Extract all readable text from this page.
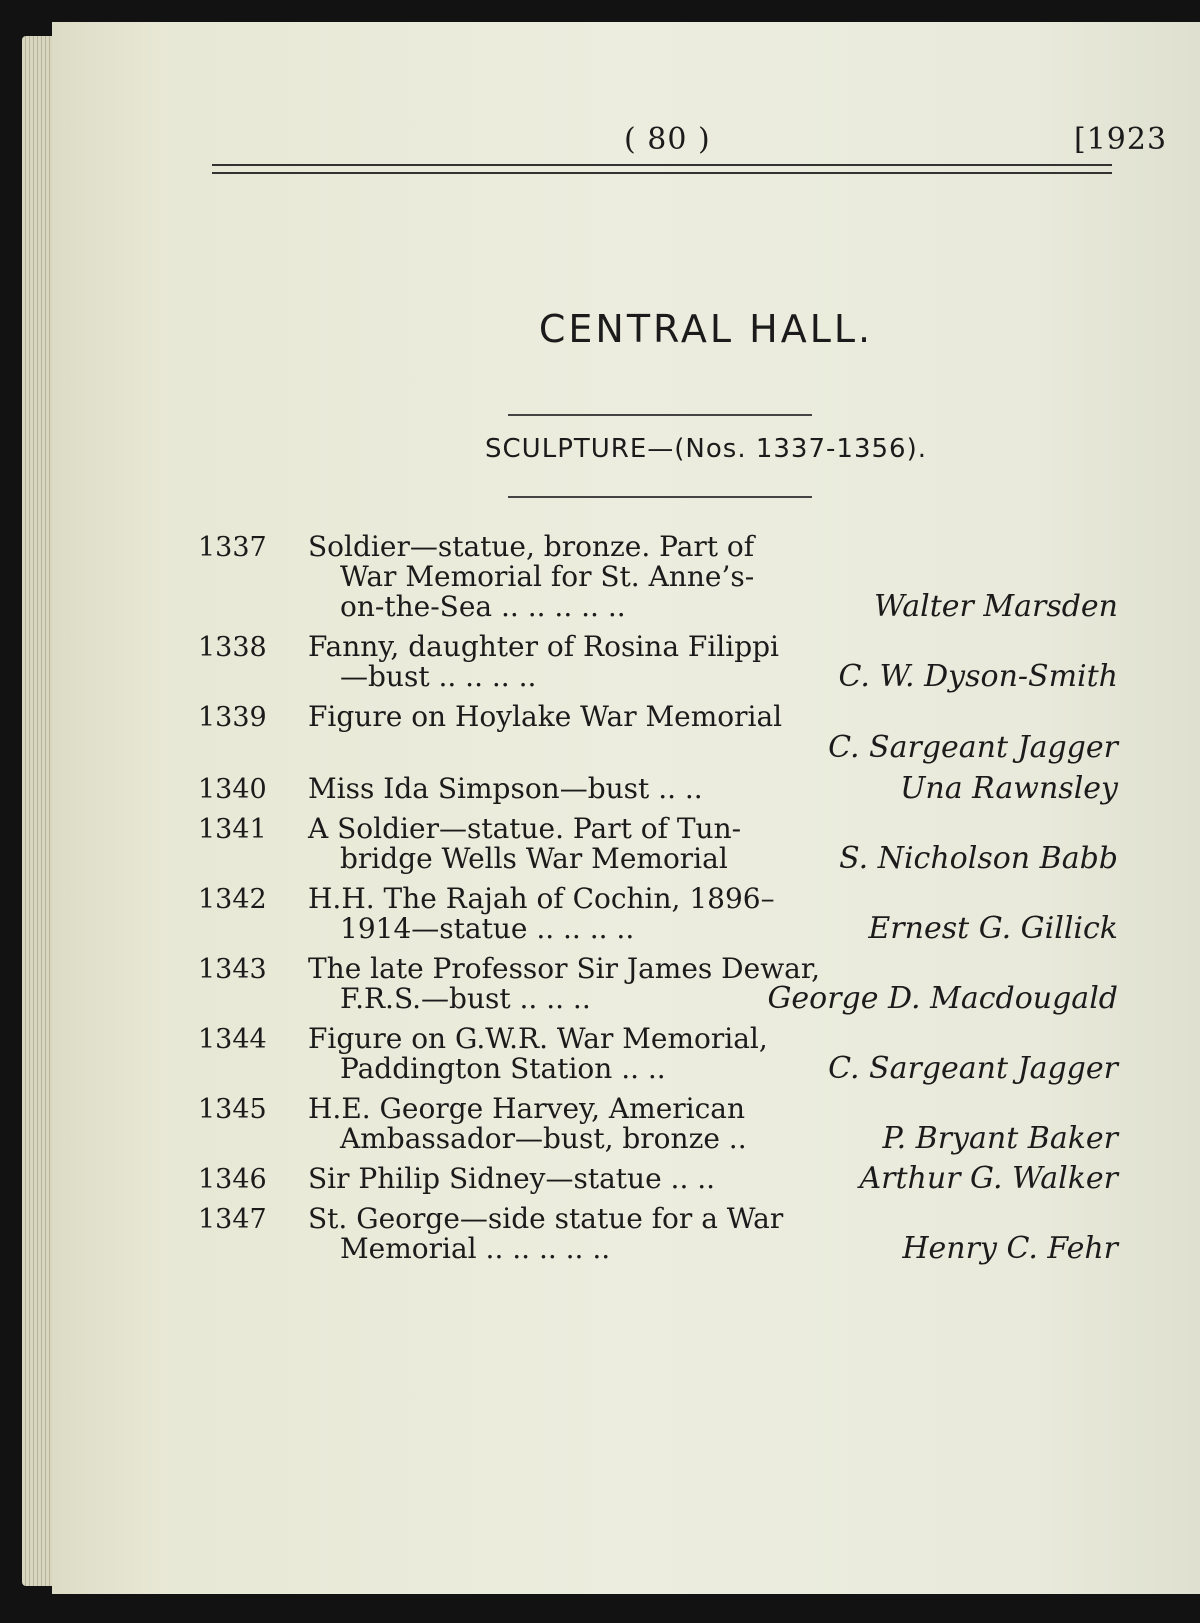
( 80 )	[1923
CENTRAL HALL.
SCULPTURE—(Nos. 1337-1356).
1337 Soldier—statue, bronze. Part of
War Memorial for St. Anne’s-
on-the-Sea .. .. .. .. ..	Walter Marsden
1338 Fanny, daughter of Rosina Filippi
—bust .. .. .. ..	C. W. Dyson-Smith
1339 Figure on Hoylake War Memorial
C. Sargeant Jagger
1340 Miss Ida Simpson—bust .. ..	Una Rawnsley
1341 A Soldier—statue. Part of Tun-
bridge Wells War Memorial	S. Nicholson Babb
1342 H.H. The Rajah of Cochin, 1896–
1914—statue .. .. .. ..	Ernest G. Gillick
1343 The late Professor Sir James Dewar,
F.R.S.—bust .. .. ..	George D. Macdougald
1344 Figure on G.W.R. War Memorial,
Paddington Station .. ..	C. Sargeant Jagger
1345 H.E. George Harvey, American
Ambassador—bust, bronze ..	P. Bryant Baker
1346 Sir Philip Sidney—statue .. ..	Arthur G. Walker
1347 St. George—side statue for a War
Memorial .. .. .. .. ..	Henry C. Fehr
